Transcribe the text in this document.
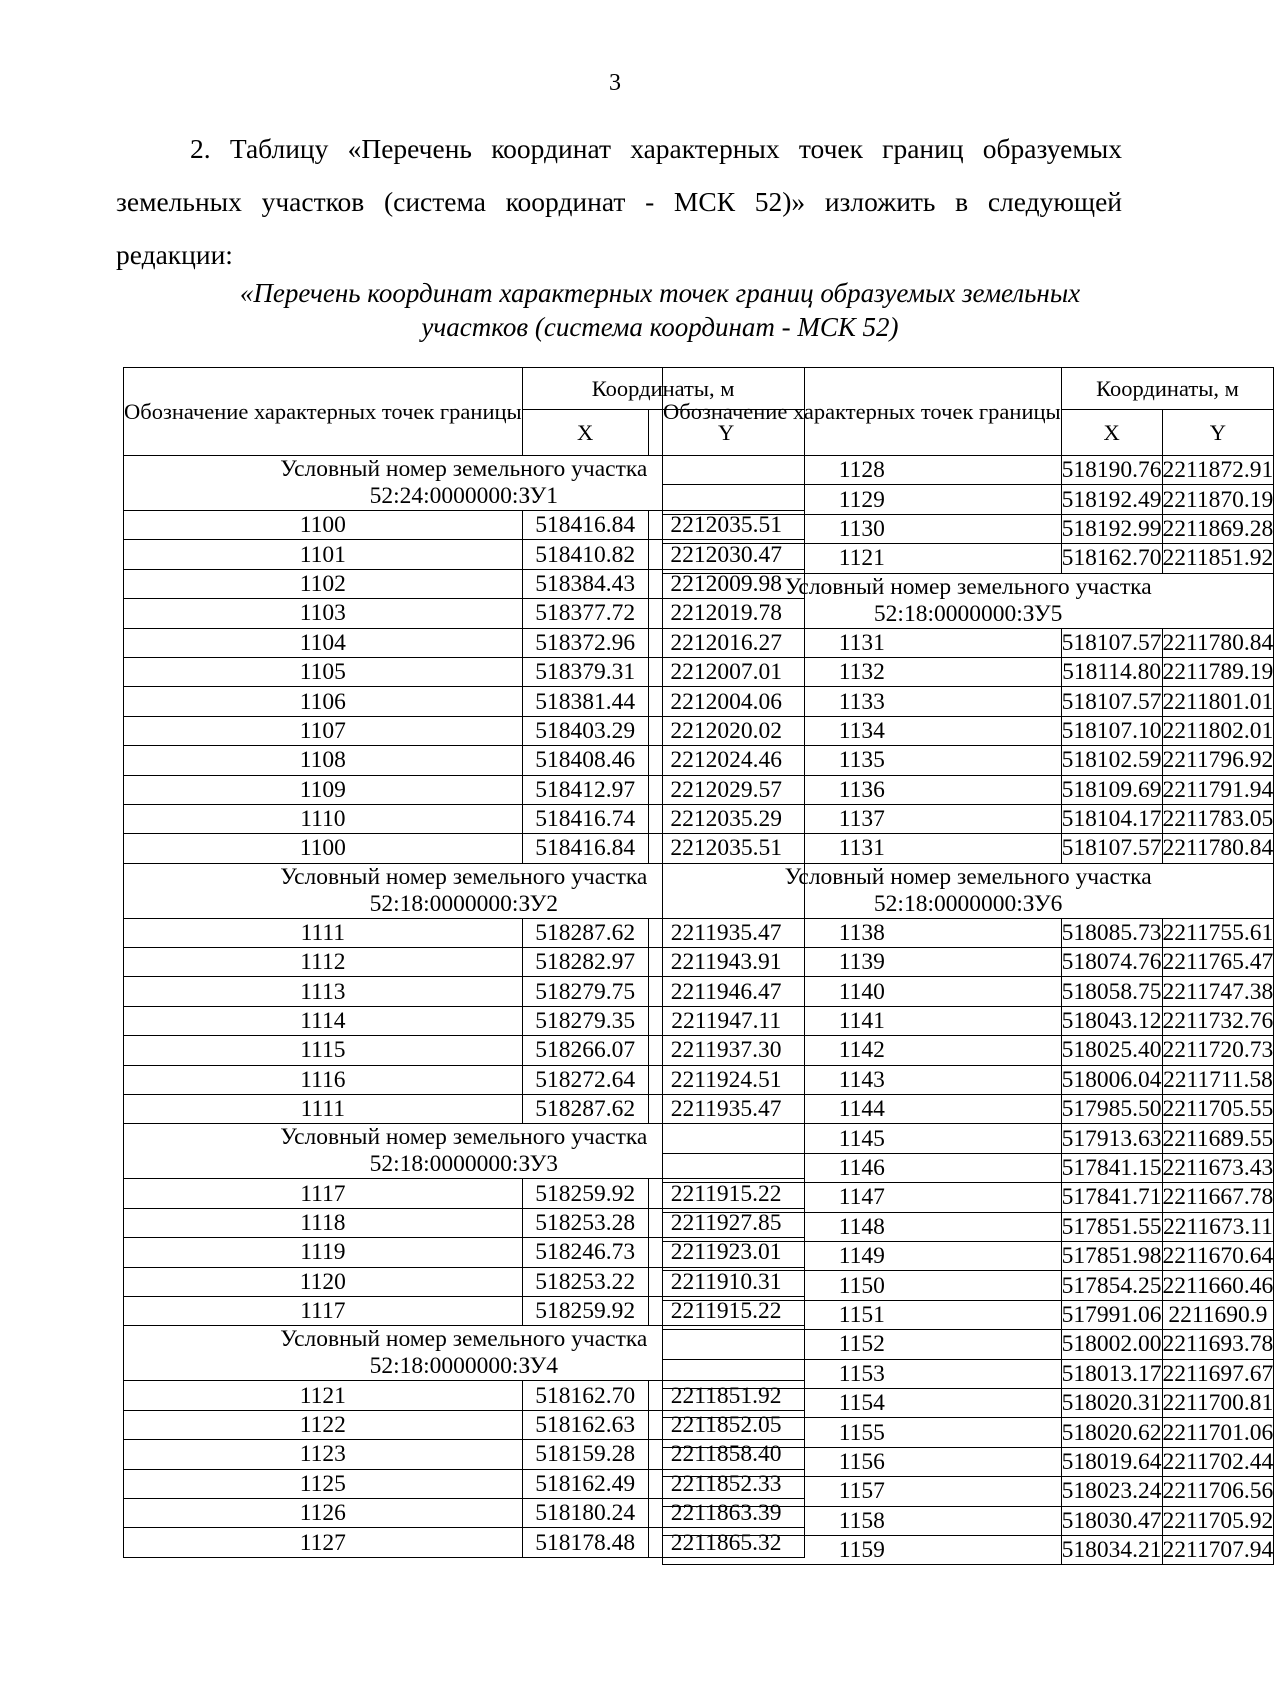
3

2. Таблицу «Перечень координат характерных точек границ образуемых земельных участков (система координат - МСК 52)» изложить в следующей редакции:

«Перечень координат характерных точек границ образуемых земельных
участков (система координат - МСК 52)
Обозначение характерных точек границы	Координаты, м	
	X	Y

Условный номер земельного участка
52:24:0000000:ЗУ1		

1100	518416.84	2212035.51
1101	518410.82	2212030.47
1102	518384.43	2212009.98
1103	518377.72	2212019.78
1104	518372.96	2212016.27
1105	518379.31	2212007.01
1106	518381.44	2212004.06
1107	518403.29	2212020.02
1108	518408.46	2212024.46
1109	518412.97	2212029.57
1110	518416.74	2212035.29
1100	518416.84	2212035.51

Условный номер земельного участка
52:18:0000000:ЗУ2		

1111	518287.62	2211935.47
1112	518282.97	2211943.91
1113	518279.75	2211946.47
1114	518279.35	2211947.11
1115	518266.07	2211937.30
1116	518272.64	2211924.51
1111	518287.62	2211935.47

Условный номер земельного участка
52:18:0000000:ЗУ3		

1117	518259.92	2211915.22
1118	518253.28	2211927.85
1119	518246.73	2211923.01
1120	518253.22	2211910.31
1117	518259.92	2211915.22

Условный номер земельного участка
52:18:0000000:ЗУ4		

1121	518162.70	2211851.92
1122	518162.63	2211852.05
1123	518159.28	2211858.40
1125	518162.49	2211852.33
1126	518180.24	2211863.39
1127	518178.48	2211865.32
Обозначение характерных точек границы	Координаты, м	
	X	Y
1128	518190.76	2211872.91
1129	518192.49	2211870.19
1130	518192.99	2211869.28
1121	518162.70	2211851.92

Условный номер земельного участка
52:18:0000000:ЗУ5		

1131	518107.57	2211780.84
1132	518114.80	2211789.19
1133	518107.57	2211801.01
1134	518107.10	2211802.01
1135	518102.59	2211796.92
1136	518109.69	2211791.94
1137	518104.17	2211783.05
1131	518107.57	2211780.84

Условный номер земельного участка
52:18:0000000:ЗУ6		

1138	518085.73	2211755.61
1139	518074.76	2211765.47
1140	518058.75	2211747.38
1141	518043.12	2211732.76
1142	518025.40	2211720.73
1143	518006.04	2211711.58
1144	517985.50	2211705.55
1145	517913.63	2211689.55
1146	517841.15	2211673.43
1147	517841.71	2211667.78
1148	517851.55	2211673.11
1149	517851.98	2211670.64
1150	517854.25	2211660.46
1151	517991.06	2211690.9
1152	518002.00	2211693.78
1153	518013.17	2211697.67
1154	518020.31	2211700.81
1155	518020.62	2211701.06
1156	518019.64	2211702.44
1157	518023.24	2211706.56
1158	518030.47	2211705.92
1159	518034.21	2211707.94
